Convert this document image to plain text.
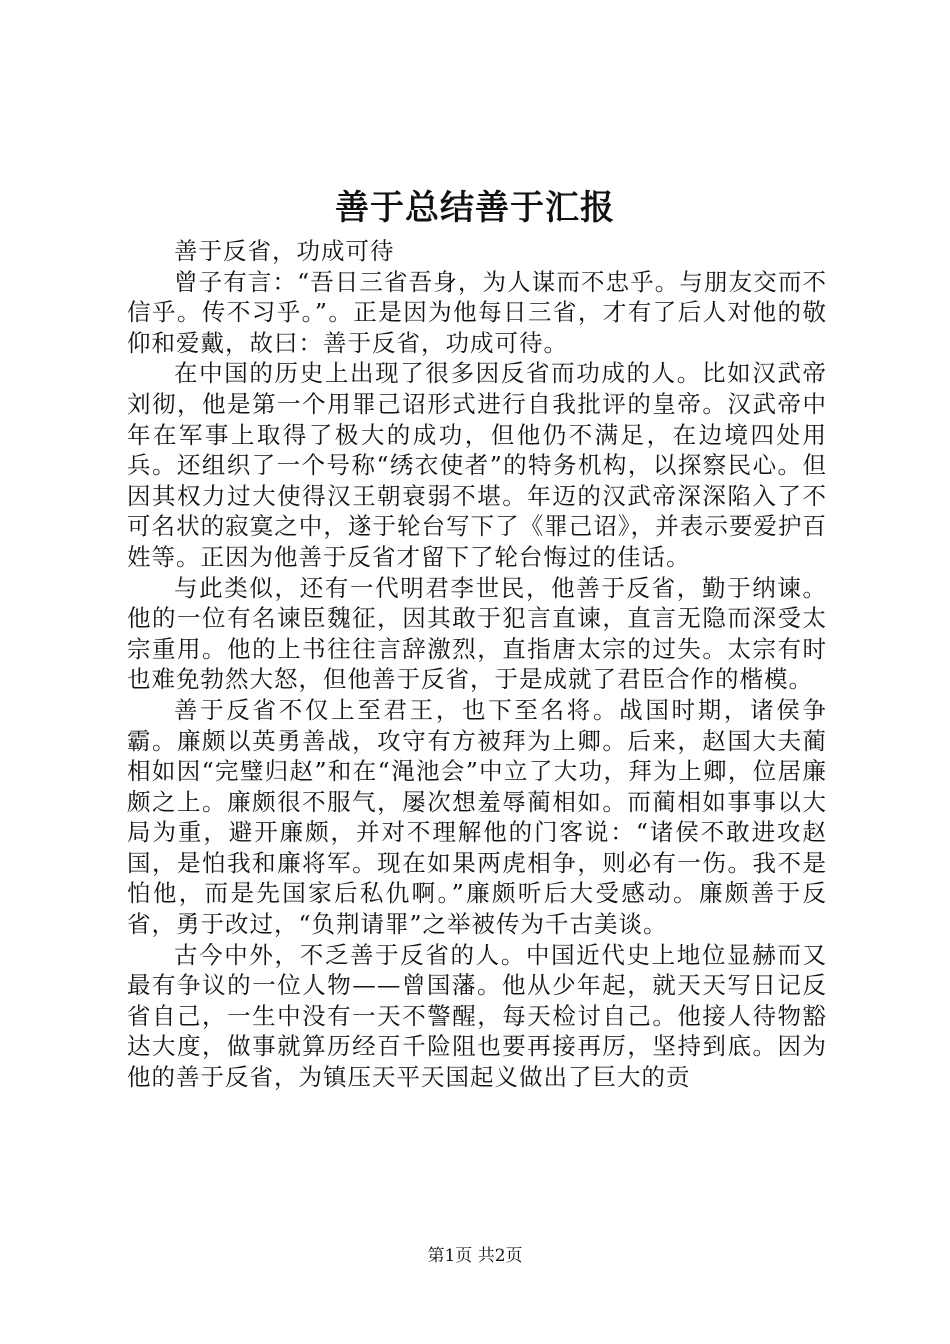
善于总结善于汇报

善于反省，功成可待

曾子有言：“吾日三省吾身，为人谋而不忠乎。与朋友交而不信乎。传不习乎。”。正是因为他每日三省，才有了后人对他的敬仰和爱戴，故曰：善于反省，功成可待。

在中国的历史上出现了很多因反省而功成的人。比如汉武帝刘彻，他是第一个用罪己诏形式进行自我批评的皇帝。汉武帝中年在军事上取得了极大的成功，但他仍不满足，在边境四处用兵。还组织了一个号称“绣衣使者”的特务机构，以探察民心。但因其权力过大使得汉王朝衰弱不堪。年迈的汉武帝深深陷入了不可名状的寂寞之中，遂于轮台写下了《罪己诏》，并表示要爱护百姓等。正因为他善于反省才留下了轮台悔过的佳话。

与此类似，还有一代明君李世民，他善于反省，勤于纳谏。他的一位有名谏臣魏征，因其敢于犯言直谏，直言无隐而深受太宗重用。他的上书往往言辞激烈，直指唐太宗的过失。太宗有时也难免勃然大怒，但他善于反省，于是成就了君臣合作的楷模。

善于反省不仅上至君王，也下至名将。战国时期，诸侯争霸。廉颇以英勇善战，攻守有方被拜为上卿。后来，赵国大夫蔺相如因“完璧归赵”和在“渑池会”中立了大功，拜为上卿，位居廉颇之上。廉颇很不服气，屡次想羞辱蔺相如。而蔺相如事事以大局为重，避开廉颇，并对不理解他的门客说：“诸侯不敢进攻赵国，是怕我和廉将军。现在如果两虎相争，则必有一伤。我不是怕他，而是先国家后私仇啊。”廉颇听后大受感动。廉颇善于反省，勇于改过，“负荆请罪”之举被传为千古美谈。

古今中外，不乏善于反省的人。中国近代史上地位显赫而又最有争议的一位人物——曾国藩。他从少年起，就天天写日记反省自己，一生中没有一天不警醒，每天检讨自己。他接人待物豁达大度，做事就算历经百千险阻也要再接再厉，坚持到底。因为他的善于反省，为镇压天平天国起义做出了巨大的贡

第1页 共2页
